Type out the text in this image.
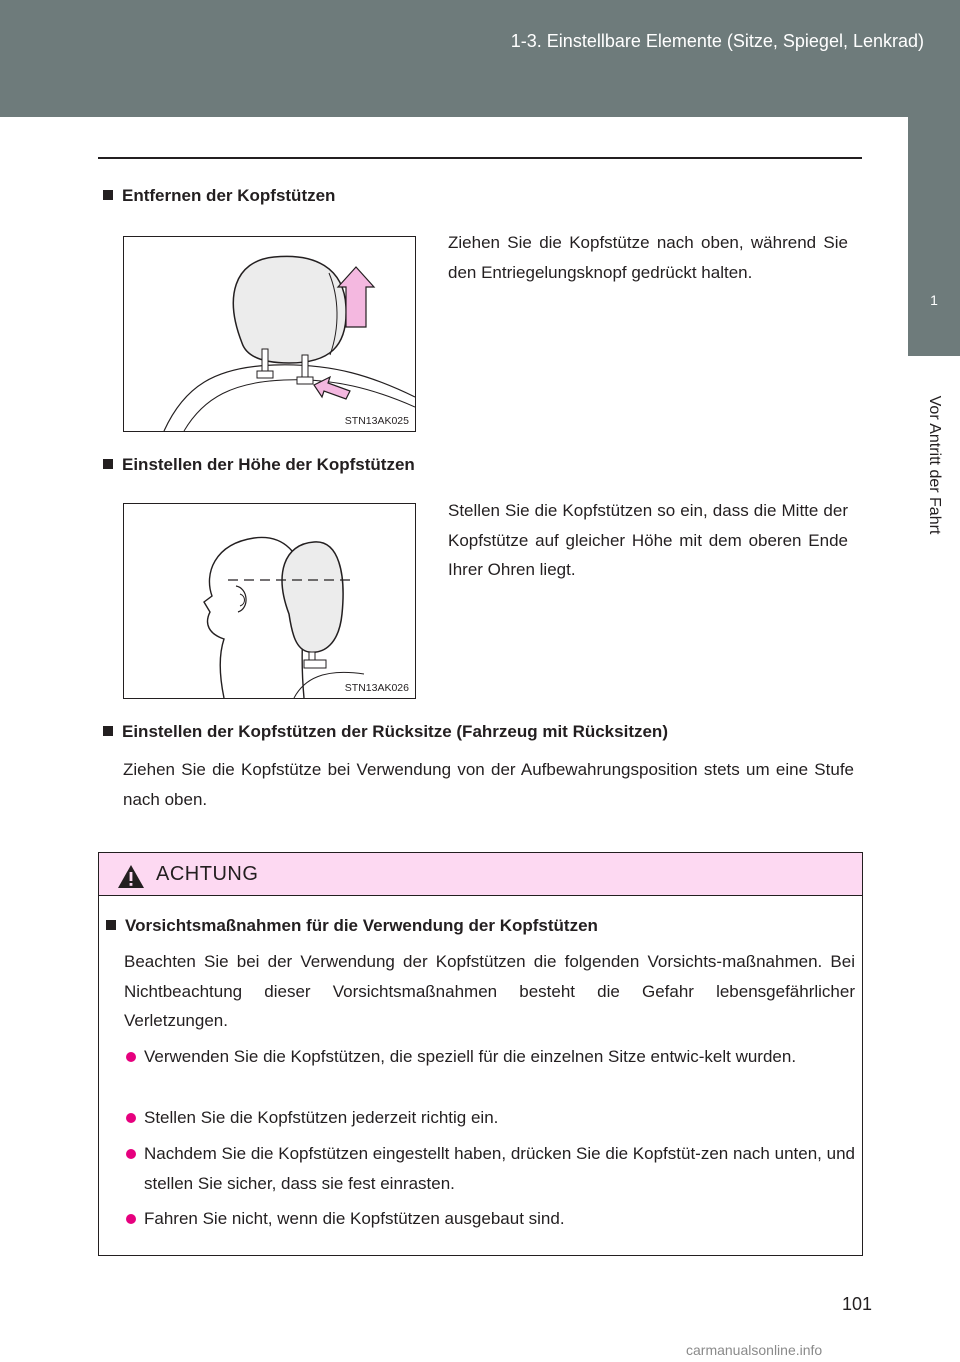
1-3. Einstellbare Elemente (Sitze, Spiegel, Lenkrad)
1
Vor Antritt der Fahrt
Entfernen der Kopfstützen
STN13AK025
Ziehen Sie die Kopfstütze nach oben, während Sie den Entriegelungsknopf gedrückt halten.
Einstellen der Höhe der Kopfstützen
STN13AK026
Stellen Sie die Kopfstützen so ein, dass die Mitte der Kopfstütze auf gleicher Höhe mit dem oberen Ende Ihrer Ohren liegt.
Einstellen der Kopfstützen der Rücksitze (Fahrzeug mit Rücksitzen)
Ziehen Sie die Kopfstütze bei Verwendung von der Aufbewahrungsposition stets um eine Stufe nach oben.
ACHTUNG
Vorsichtsmaßnahmen für die Verwendung der Kopfstützen
Beachten Sie bei der Verwendung der Kopfstützen die folgenden Vorsichts-maßnahmen. Bei Nichtbeachtung dieser Vorsichtsmaßnahmen besteht die Gefahr lebensgefährlicher Verletzungen.
Verwenden Sie die Kopfstützen, die speziell für die einzelnen Sitze entwic-kelt wurden.
Stellen Sie die Kopfstützen jederzeit richtig ein.
Nachdem Sie die Kopfstützen eingestellt haben, drücken Sie die Kopfstüt-zen nach unten, und stellen Sie sicher, dass sie fest einrasten.
Fahren Sie nicht, wenn die Kopfstützen ausgebaut sind.
101
carmanualsonline.info
